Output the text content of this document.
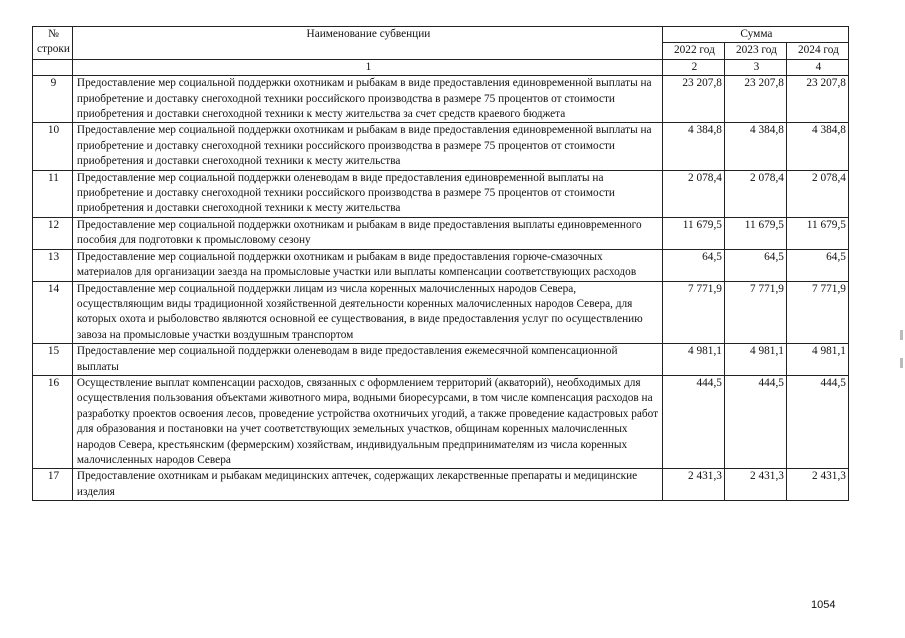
№
строки	Наименование субвенции	Сумма		
		2022 год	2023 год	2024 год
	1	2	3	4
9	Предоставление мер социальной поддержки охотникам и рыбакам в виде предоставления единовременной выплаты на приобретение и доставку снегоходной техники российского производства в размере 75 процентов от стоимости приобретения и доставки снегоходной техники к месту жительства за счет средств краевого бюджета	23 207,8	23 207,8	23 207,8
10	Предоставление мер социальной поддержки охотникам и рыбакам в виде предоставления единовременной выплаты на приобретение и доставку снегоходной техники российского производства в размере 75 процентов от стоимости приобретения и доставки снегоходной техники к месту жительства	4 384,8	4 384,8	4 384,8
11	Предоставление мер социальной поддержки оленеводам в виде предоставления единовременной выплаты на приобретение и доставку снегоходной техники российского производства в размере 75 процентов от стоимости приобретения и доставки снегоходной техники к месту жительства	2 078,4	2 078,4	2 078,4
12	Предоставление мер социальной поддержки охотникам и рыбакам в виде предоставления выплаты единовременного пособия для подготовки к промысловому сезону	11 679,5	11 679,5	11 679,5
13	Предоставление мер социальной поддержки охотникам и рыбакам в виде предоставления горюче-смазочных материалов для организации заезда на промысловые участки или выплаты компенсации соответствующих расходов	64,5	64,5	64,5
14	Предоставление мер социальной поддержки лицам из числа коренных малочисленных народов Севера, осуществляющим виды традиционной хозяйственной деятельности коренных малочисленных народов Севера, для которых охота и рыболовство являются основной ее существования, в виде предоставления услуг по осуществлению завоза на промысловые участки воздушным транспортом	7 771,9	7 771,9	7 771,9
15	Предоставление мер социальной поддержки оленеводам в виде предоставления ежемесячной компенсационной выплаты	4 981,1	4 981,1	4 981,1
16	Осуществление выплат компенсации расходов, связанных с оформлением территорий (акваторий), необходимых для осуществления пользования объектами животного мира, водными биоресурсами, в том числе компенсация расходов на разработку проектов освоения лесов, проведение устройства охотничьих угодий, а также проведение кадастровых работ для образования и постановки на учет соответствующих земельных участков, общинам коренных малочисленных народов Севера, крестьянским (фермерским) хозяйствам, индивидуальным предпринимателям из числа коренных малочисленных народов Севера	444,5	444,5	444,5
17	Предоставление охотникам и рыбакам медицинских аптечек, содержащих лекарственные препараты и медицинские изделия	2 431,3	2 431,3	2 431,3
1054
